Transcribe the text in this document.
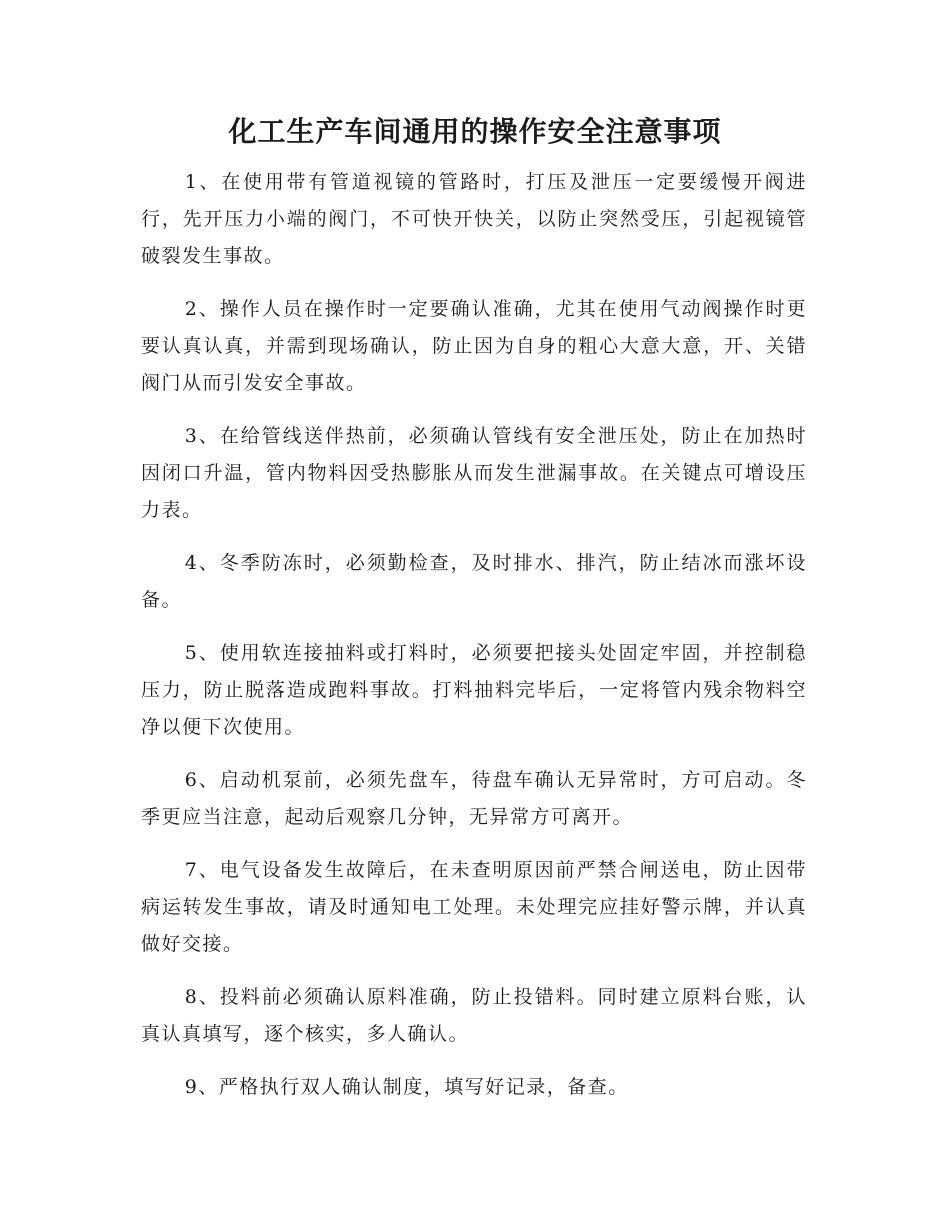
化工生产车间通用的操作安全注意事项

1、在使用带有管道视镜的管路时，打压及泄压一定要缓慢开阀进行，先开压力小端的阀门，不可快开快关，以防止突然受压，引起视镜管破裂发生事故。

2、操作人员在操作时一定要确认准确，尤其在使用气动阀操作时更要认真认真，并需到现场确认，防止因为自身的粗心大意大意，开、关错阀门从而引发安全事故。

3、在给管线送伴热前，必须确认管线有安全泄压处，防止在加热时因闭口升温，管内物料因受热膨胀从而发生泄漏事故。在关键点可增设压力表。

4、冬季防冻时，必须勤检查，及时排水、排汽，防止结冰而涨坏设备。

5、使用软连接抽料或打料时，必须要把接头处固定牢固，并控制稳压力，防止脱落造成跑料事故。打料抽料完毕后，一定将管内残余物料空净以便下次使用。

6、启动机泵前，必须先盘车，待盘车确认无异常时，方可启动。冬季更应当注意，起动后观察几分钟，无异常方可离开。

7、电气设备发生故障后，在未查明原因前严禁合闸送电，防止因带病运转发生事故，请及时通知电工处理。未处理完应挂好警示牌，并认真做好交接。

8、投料前必须确认原料准确，防止投错料。同时建立原料台账，认真认真填写，逐个核实，多人确认。

9、严格执行双人确认制度，填写好记录，备查。
